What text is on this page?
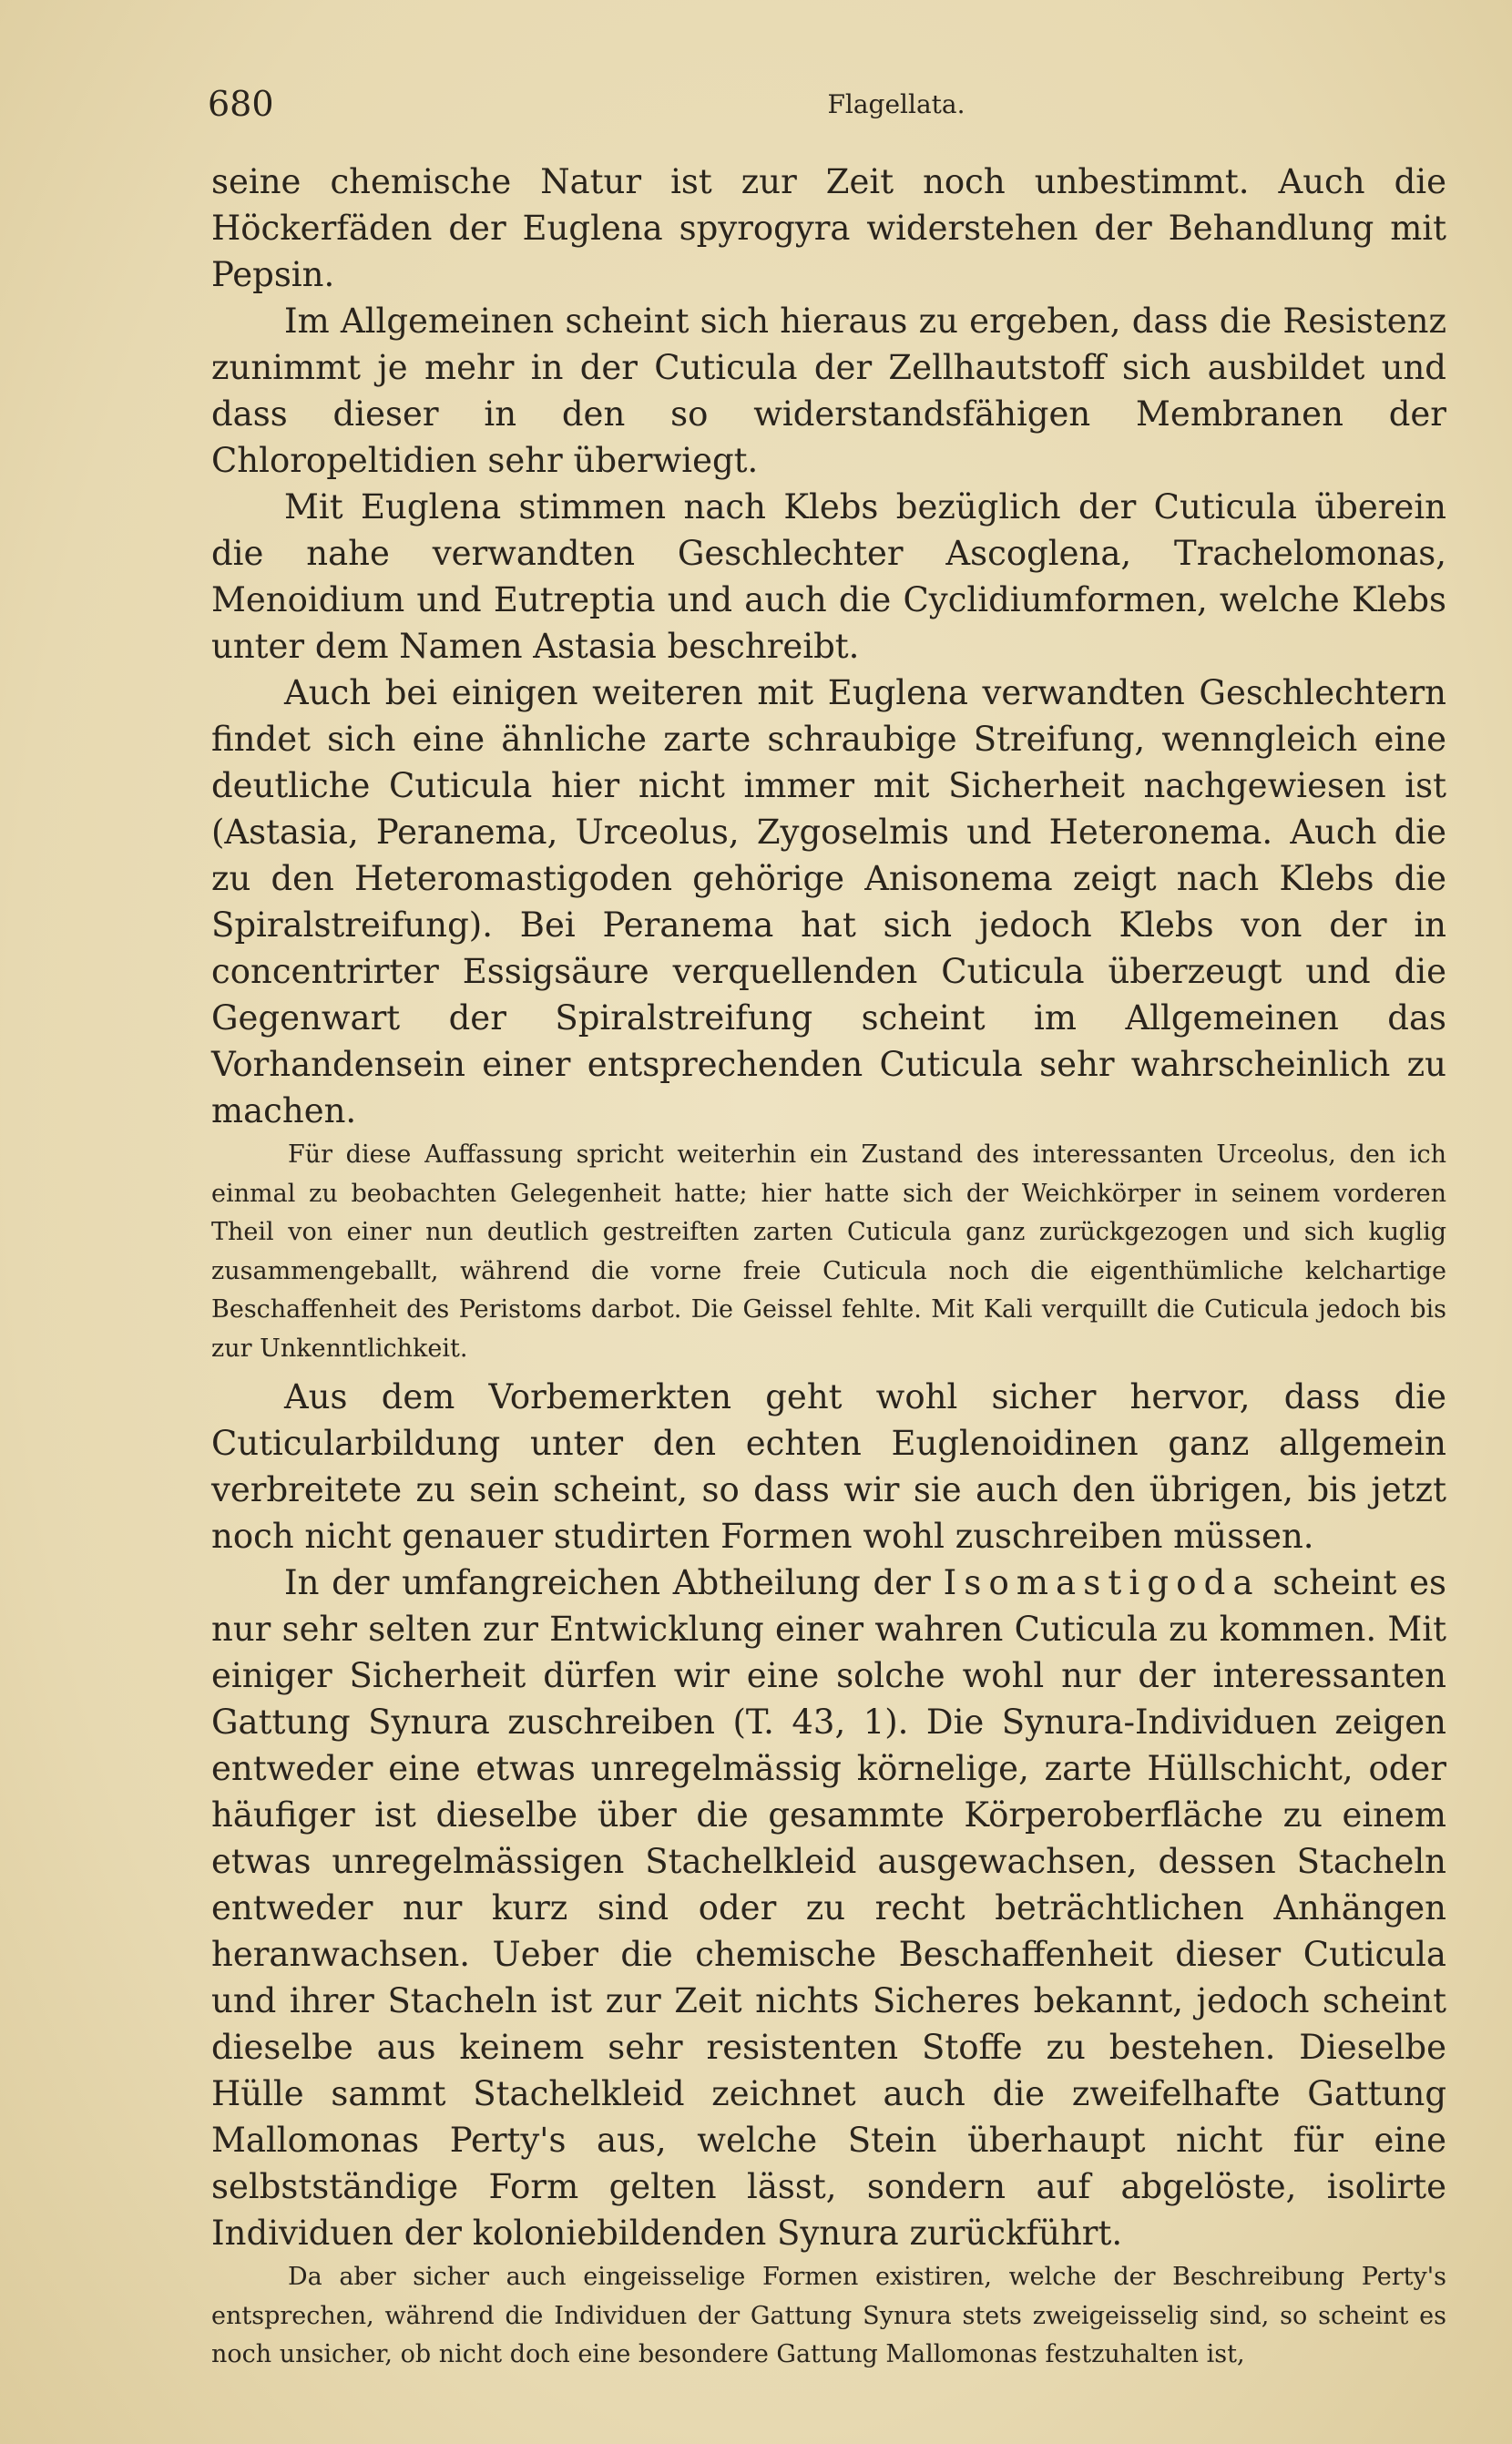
680	Flagellata.

seine chemische Natur ist zur Zeit noch unbestimmt. Auch die Höckerfäden der Euglena spyrogyra widerstehen der Behandlung mit Pepsin.

Im Allgemeinen scheint sich hieraus zu ergeben, dass die Resistenz zunimmt je mehr in der Cuticula der Zellhautstoff sich ausbildet und dass dieser in den so widerstandsfähigen Membranen der Chloropeltidien sehr überwiegt.

Mit Euglena stimmen nach Klebs bezüglich der Cuticula überein die nahe verwandten Geschlechter Ascoglena, Trachelomonas, Menoidium und Eutreptia und auch die Cyclidiumformen, welche Klebs unter dem Namen Astasia beschreibt.

Auch bei einigen weiteren mit Euglena verwandten Geschlechtern findet sich eine ähnliche zarte schraubige Streifung, wenngleich eine deutliche Cuticula hier nicht immer mit Sicherheit nachgewiesen ist (Astasia, Peranema, Urceolus, Zygoselmis und Heteronema. Auch die zu den Heteromastigoden gehörige Anisonema zeigt nach Klebs die Spiralstreifung). Bei Peranema hat sich jedoch Klebs von der in concentrirter Essigsäure verquellenden Cuticula überzeugt und die Gegenwart der Spiralstreifung scheint im Allgemeinen das Vorhandensein einer entsprechenden Cuticula sehr wahrscheinlich zu machen.

Für diese Auffassung spricht weiterhin ein Zustand des interessanten Urceolus, den ich einmal zu beobachten Gelegenheit hatte; hier hatte sich der Weichkörper in seinem vorderen Theil von einer nun deutlich gestreiften zarten Cuticula ganz zurückgezogen und sich kuglig zusammengeballt, während die vorne freie Cuticula noch die eigenthümliche kelchartige Beschaffenheit des Peristoms darbot. Die Geissel fehlte. Mit Kali verquillt die Cuticula jedoch bis zur Unkenntlichkeit.

Aus dem Vorbemerkten geht wohl sicher hervor, dass die Cuticularbildung unter den echten Euglenoidinen ganz allgemein verbreitete zu sein scheint, so dass wir sie auch den übrigen, bis jetzt noch nicht genauer studirten Formen wohl zuschreiben müssen.

In der umfangreichen Abtheilung der Isomastigoda scheint es nur sehr selten zur Entwicklung einer wahren Cuticula zu kommen. Mit einiger Sicherheit dürfen wir eine solche wohl nur der interessanten Gattung Synura zuschreiben (T. 43, 1). Die Synura-Individuen zeigen entweder eine etwas unregelmässig körnelige, zarte Hüllschicht, oder häufiger ist dieselbe über die gesammte Körperoberfläche zu einem etwas unregelmässigen Stachelkleid ausgewachsen, dessen Stacheln entweder nur kurz sind oder zu recht beträchtlichen Anhängen heranwachsen. Ueber die chemische Beschaffenheit dieser Cuticula und ihrer Stacheln ist zur Zeit nichts Sicheres bekannt, jedoch scheint dieselbe aus keinem sehr resistenten Stoffe zu bestehen. Dieselbe Hülle sammt Stachelkleid zeichnet auch die zweifelhafte Gattung Mallomonas Perty's aus, welche Stein überhaupt nicht für eine selbstständige Form gelten lässt, sondern auf abgelöste, isolirte Individuen der koloniebildenden Synura zurückführt.

Da aber sicher auch eingeisselige Formen existiren, welche der Beschreibung Perty's entsprechen, während die Individuen der Gattung Synura stets zweigeisselig sind, so scheint es noch unsicher, ob nicht doch eine besondere Gattung Mallomonas festzuhalten ist,
